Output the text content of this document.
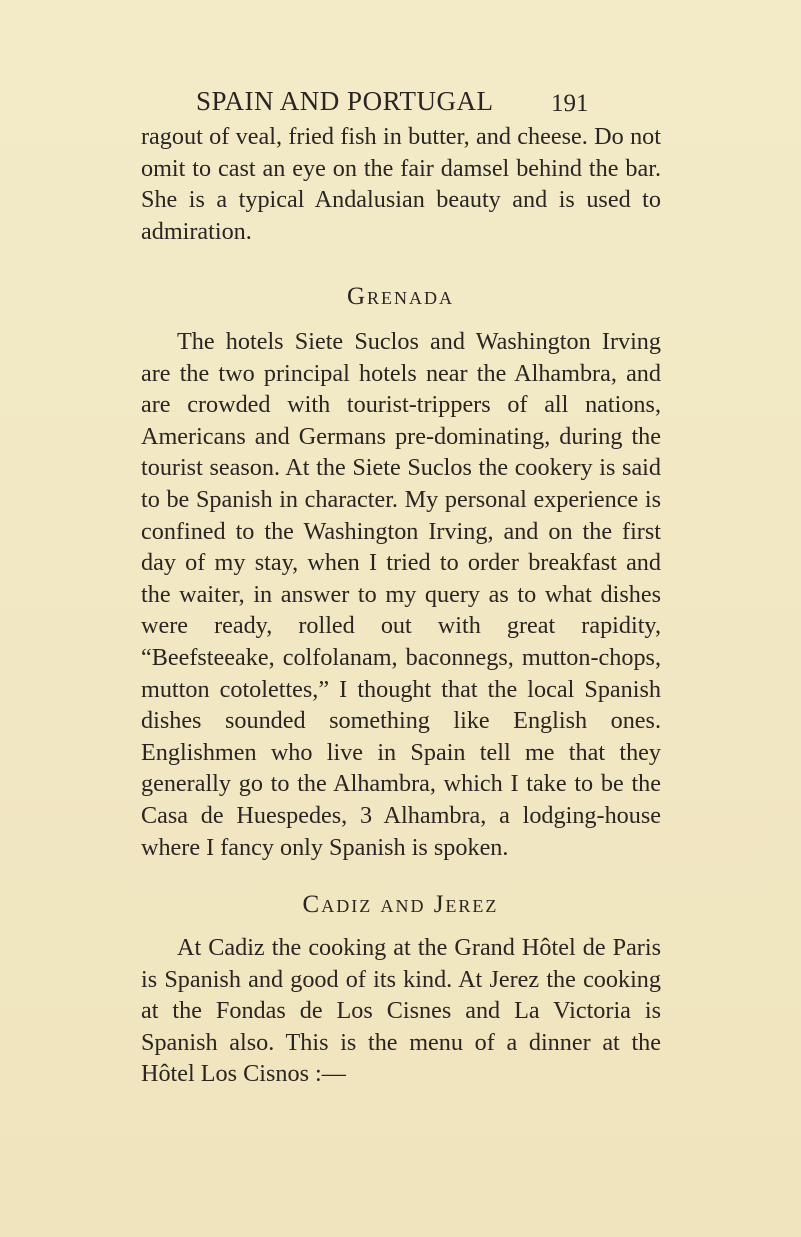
SPAIN AND PORTUGAL 191

ragout of veal, fried fish in butter, and cheese. Do not omit to cast an eye on the fair damsel behind the bar. She is a typical Andalusian beauty and is used to admiration.

Grenada

The hotels Siete Suclos and Washington Irving are the two principal hotels near the Alhambra, and are crowded with tourist-trippers of all nations, Americans and Germans pre-dominating, during the tourist season. At the Siete Suclos the cookery is said to be Spanish in character. My personal experience is confined to the Washington Irving, and on the first day of my stay, when I tried to order breakfast and the waiter, in answer to my query as to what dishes were ready, rolled out with great rapidity, “Beefsteeake, colfolanam, baconnegs, mutton-chops, mutton cotolettes,” I thought that the local Spanish dishes sounded something like English ones. Englishmen who live in Spain tell me that they generally go to the Alhambra, which I take to be the Casa de Huespedes, 3 Alhambra, a lodging-house where I fancy only Spanish is spoken.

Cadiz and Jerez

At Cadiz the cooking at the Grand Hôtel de Paris is Spanish and good of its kind. At Jerez the cooking at the Fondas de Los Cisnes and La Victoria is Spanish also. This is the menu of a dinner at the Hôtel Los Cisnos :—
